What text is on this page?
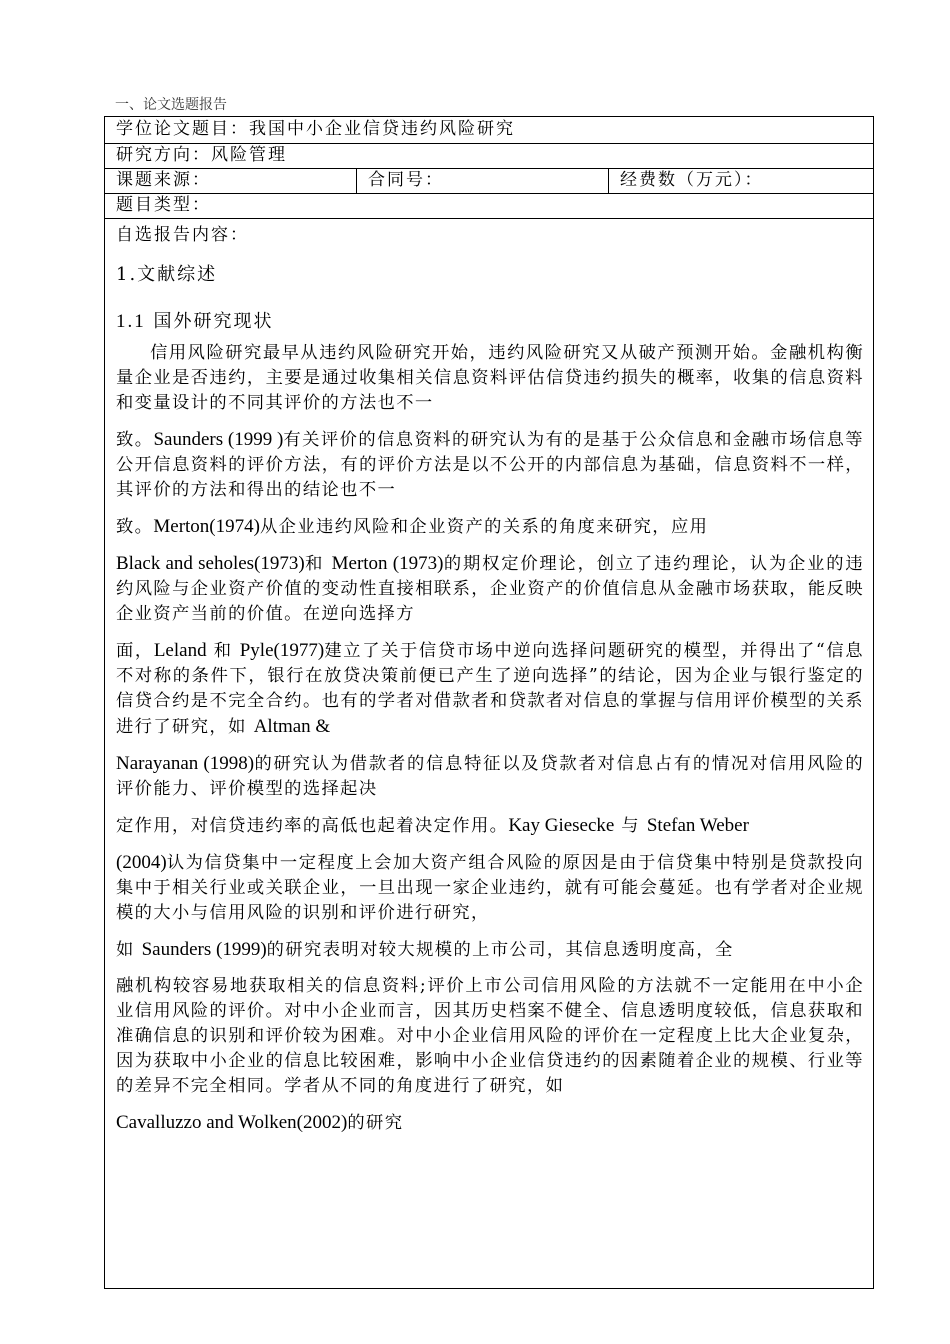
一、论文选题报告
学位论文题目：我国中小企业信贷违约风险研究
研究方向：风险管理
课题来源：	合同号：	经费数（万元）：
题目类型：
自选报告内容：
1.文献综述
1.1 国外研究现状
信用风险研究最早从违约风险研究开始，违约风险研究又从破产预测开始。金融机构衡量企业是否违约，主要是通过收集相关信息资料评估信贷违约损失的概率，收集的信息资料和变量设计的不同其评价的方法也不一
致。Saunders (1999 )有关评价的信息资料的研究认为有的是基于公众信息和金融市场信息等公开信息资料的评价方法，有的评价方法是以不公开的内部信息为基础，信息资料不一样，其评价的方法和得出的结论也不一
致。Merton(1974)从企业违约风险和企业资产的关系的角度来研究，应用
Black and seholes(1973)和 Merton (1973)的期权定价理论，创立了违约理论，认为企业的违约风险与企业资产价值的变动性直接相联系，企业资产的价值信息从金融市场获取，能反映企业资产当前的价值。在逆向选择方
面，Leland 和 Pyle(1977)建立了关于信贷市场中逆向选择问题研究的模型，并得出了“信息不对称的条件下，银行在放贷决策前便已产生了逆向选择”的结论，因为企业与银行鉴定的信贷合约是不完全合约。也有的学者对借款者和贷款者对信息的掌握与信用评价模型的关系进行了研究，如 Altman &
Narayanan (1998)的研究认为借款者的信息特征以及贷款者对信息占有的情况对信用风险的评价能力、评价模型的选择起决
定作用，对信贷违约率的高低也起着决定作用。Kay Giesecke 与 Stefan Weber
(2004)认为信贷集中一定程度上会加大资产组合风险的原因是由于信贷集中特别是贷款投向集中于相关行业或关联企业，一旦出现一家企业违约，就有可能会蔓延。也有学者对企业规模的大小与信用风险的识别和评价进行研究，
如 Saunders (1999)的研究表明对较大规模的上市公司，其信息透明度高，全
融机构较容易地获取相关的信息资料;评价上市公司信用风险的方法就不一定能用在中小企业信用风险的评价。对中小企业而言，因其历史档案不健全、信息透明度较低，信息获取和准确信息的识别和评价较为困难。对中小企业信用风险的评价在一定程度上比大企业复杂，因为获取中小企业的信息比较困难，影响中小企业信贷违约的因素随着企业的规模、行业等的差异不完全相同。学者从不同的角度进行了研究，如
Cavalluzzo and Wolken(2002)的研究
